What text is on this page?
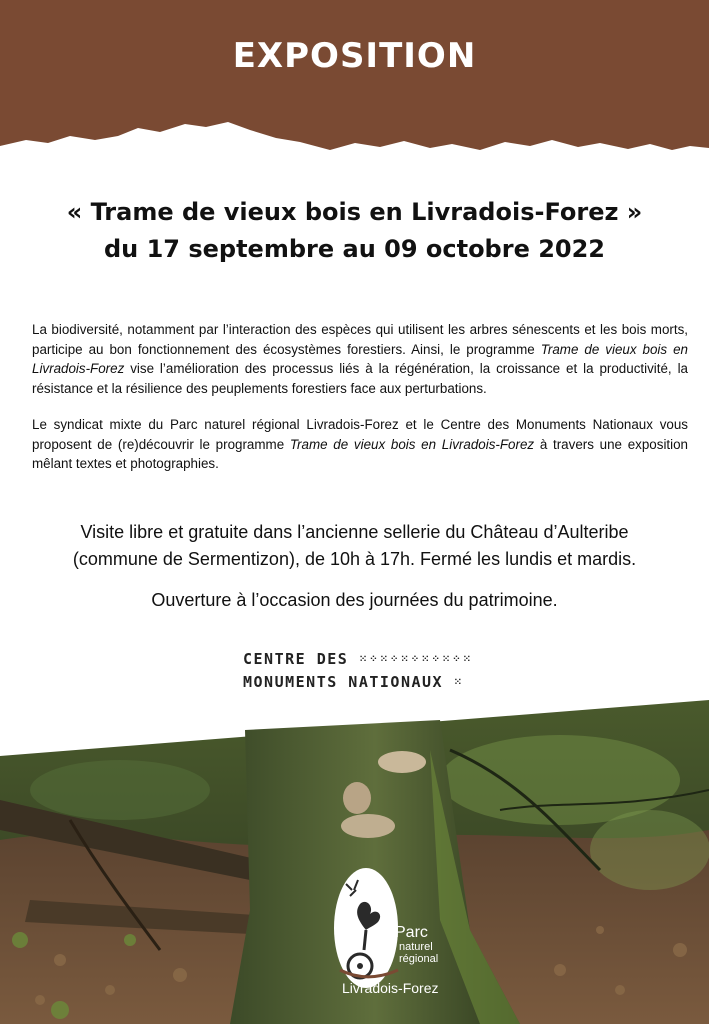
EXPOSITION
« Trame de vieux bois en Livradois-Forez »
du 17 septembre au 09 octobre 2022
La biodiversité, notamment par l’interaction des espèces qui utilisent les arbres sénescents et les bois morts, participe au bon fonctionnement des écosystèmes forestiers. Ainsi, le programme Trame de vieux bois en Livradois-Forez vise l’amélioration des processus liés à la régénération, la croissance et la productivité, la résistance et la résilience des peuplements forestiers face aux perturbations.
Le syndicat mixte du Parc naturel régional Livradois-Forez et le Centre des Monuments Nationaux vous proposent de (re)découvrir le programme Trame de vieux bois en Livradois-Forez à travers une exposition mêlant textes et photographies.
Visite libre et gratuite dans l’ancienne sellerie du Château d’Aulteribe
(commune de Sermentizon), de 10h à 17h. Fermé les lundis et mardis.
Ouverture à l’occasion des journées du patrimoine.
CENTRE DES ⁙⁘⁙⁘⁙⁘⁙⁘⁙⁘⁙
MONUMENTS NATIONAUX ⁙
Parc
naturel
régional
Livradois-Forez
